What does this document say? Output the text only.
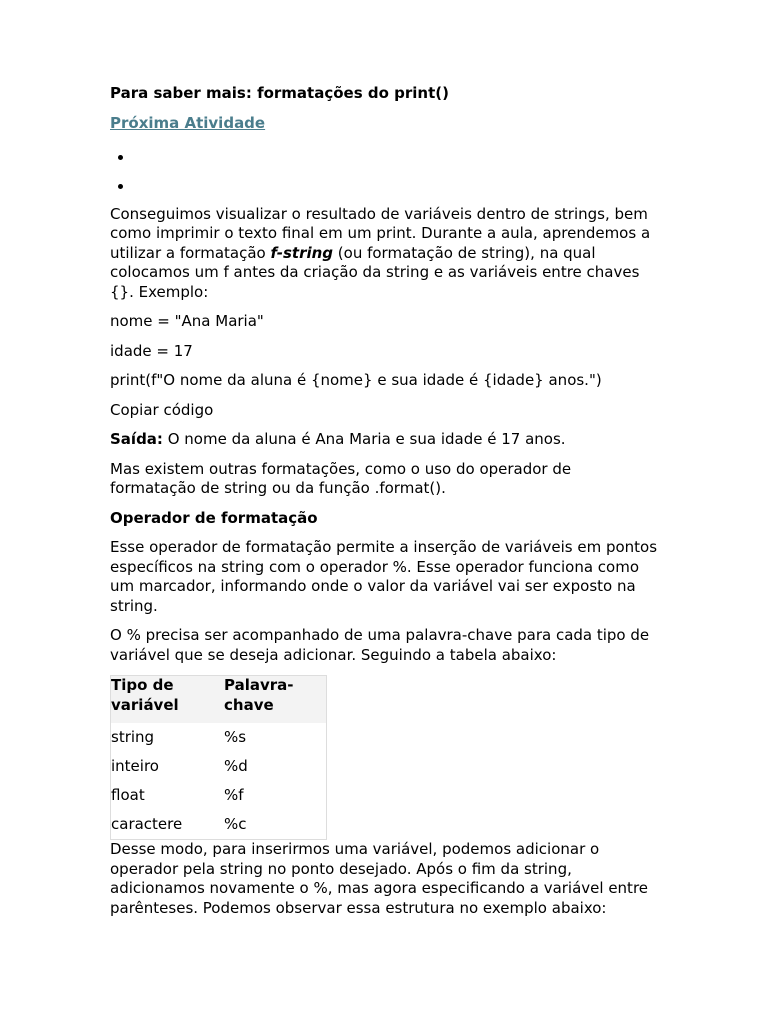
Para saber mais: formatações do print()
Próxima Atividade
•
•

Conseguimos visualizar o resultado de variáveis dentro de strings, bem como imprimir o texto final em um print. Durante a aula, aprendemos a utilizar a formatação f-string (ou formatação de string), na qual colocamos um f antes da criação da string e as variáveis entre chaves {}. Exemplo:

nome = "Ana Maria"

idade = 17

print(f"O nome da aluna é {nome} e sua idade é {idade} anos.")

Copiar código

Saída: O nome da aluna é Ana Maria e sua idade é 17 anos.

Mas existem outras formatações, como o uso do operador de formatação de string ou da função .format().

Operador de formatação

Esse operador de formatação permite a inserção de variáveis em pontos específicos na string com o operador %. Esse operador funciona como um marcador, informando onde o valor da variável vai ser exposto na string.

O % precisa ser acompanhado de uma palavra-chave para cada tipo de variável que se deseja adicionar. Seguindo a tabela abaixo:

Tipo de variável	Palavra-chave
string	%s
inteiro	%d
float	%f
caractere	%c

Desse modo, para inserirmos uma variável, podemos adicionar o operador pela string no ponto desejado. Após o fim da string, adicionamos novamente o %, mas agora especificando a variável entre parênteses. Podemos observar essa estrutura no exemplo abaixo:
